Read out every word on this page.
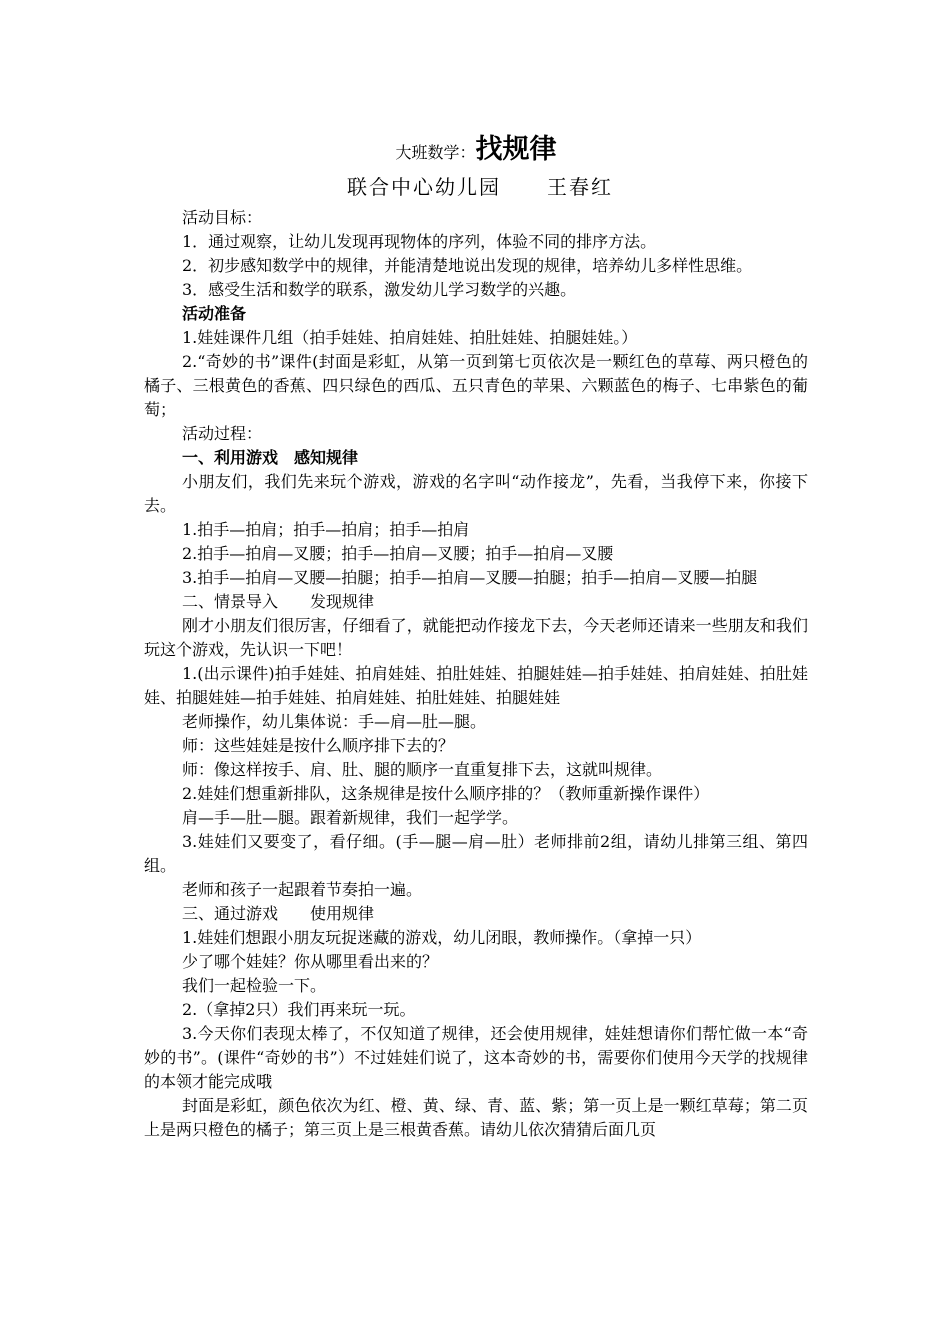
大班数学：找规律
联合中心幼儿园 王春红

活动目标：

1．通过观察，让幼儿发现再现物体的序列，体验不同的排序方法。

2．初步感知数学中的规律，并能清楚地说出发现的规律，培养幼儿多样性思维。

3．感受生活和数学的联系，激发幼儿学习数学的兴趣。

活动准备

1.娃娃课件几组（拍手娃娃、拍肩娃娃、拍肚娃娃、拍腿娃娃。）

2.“奇妙的书”课件(封面是彩虹，从第一页到第七页依次是一颗红色的草莓、两只橙色的橘子、三根黄色的香蕉、四只绿色的西瓜、五只青色的苹果、六颗蓝色的梅子、七串紫色的葡萄；

活动过程：

一、利用游戏　感知规律

小朋友们，我们先来玩个游戏，游戏的名字叫“动作接龙”，先看，当我停下来，你接下去。

1.拍手—拍肩；拍手—拍肩；拍手—拍肩

2.拍手—拍肩—叉腰；拍手—拍肩—叉腰；拍手—拍肩—叉腰

3.拍手—拍肩—叉腰—拍腿；拍手—拍肩—叉腰—拍腿；拍手—拍肩—叉腰—拍腿

二、情景导入　　发现规律

刚才小朋友们很厉害，仔细看了，就能把动作接龙下去，今天老师还请来一些朋友和我们玩这个游戏，先认识一下吧！

1.(出示课件)拍手娃娃、拍肩娃娃、拍肚娃娃、拍腿娃娃—拍手娃娃、拍肩娃娃、拍肚娃娃、拍腿娃娃—拍手娃娃、拍肩娃娃、拍肚娃娃、拍腿娃娃

老师操作，幼儿集体说：手—肩—肚—腿。

师：这些娃娃是按什么顺序排下去的？

师：像这样按手、肩、肚、腿的顺序一直重复排下去，这就叫规律。

2.娃娃们想重新排队，这条规律是按什么顺序排的？（教师重新操作课件）

肩—手—肚—腿。跟着新规律，我们一起学学。

3.娃娃们又要变了，看仔细。(手—腿—肩—肚）老师排前2组，请幼儿排第三组、第四组。

老师和孩子一起跟着节奏拍一遍。

三、通过游戏　　使用规律

1.娃娃们想跟小朋友玩捉迷藏的游戏，幼儿闭眼，教师操作。（拿掉一只）

少了哪个娃娃？你从哪里看出来的？

我们一起检验一下。

2.（拿掉2只）我们再来玩一玩。

3.今天你们表现太棒了，不仅知道了规律，还会使用规律，娃娃想请你们帮忙做一本“奇妙的书”。(课件“奇妙的书”）不过娃娃们说了，这本奇妙的书，需要你们使用今天学的找规律的本领才能完成哦

封面是彩虹，颜色依次为红、橙、黄、绿、青、蓝、紫；第一页上是一颗红草莓；第二页上是两只橙色的橘子；第三页上是三根黄香蕉。请幼儿依次猜猜后面几页
